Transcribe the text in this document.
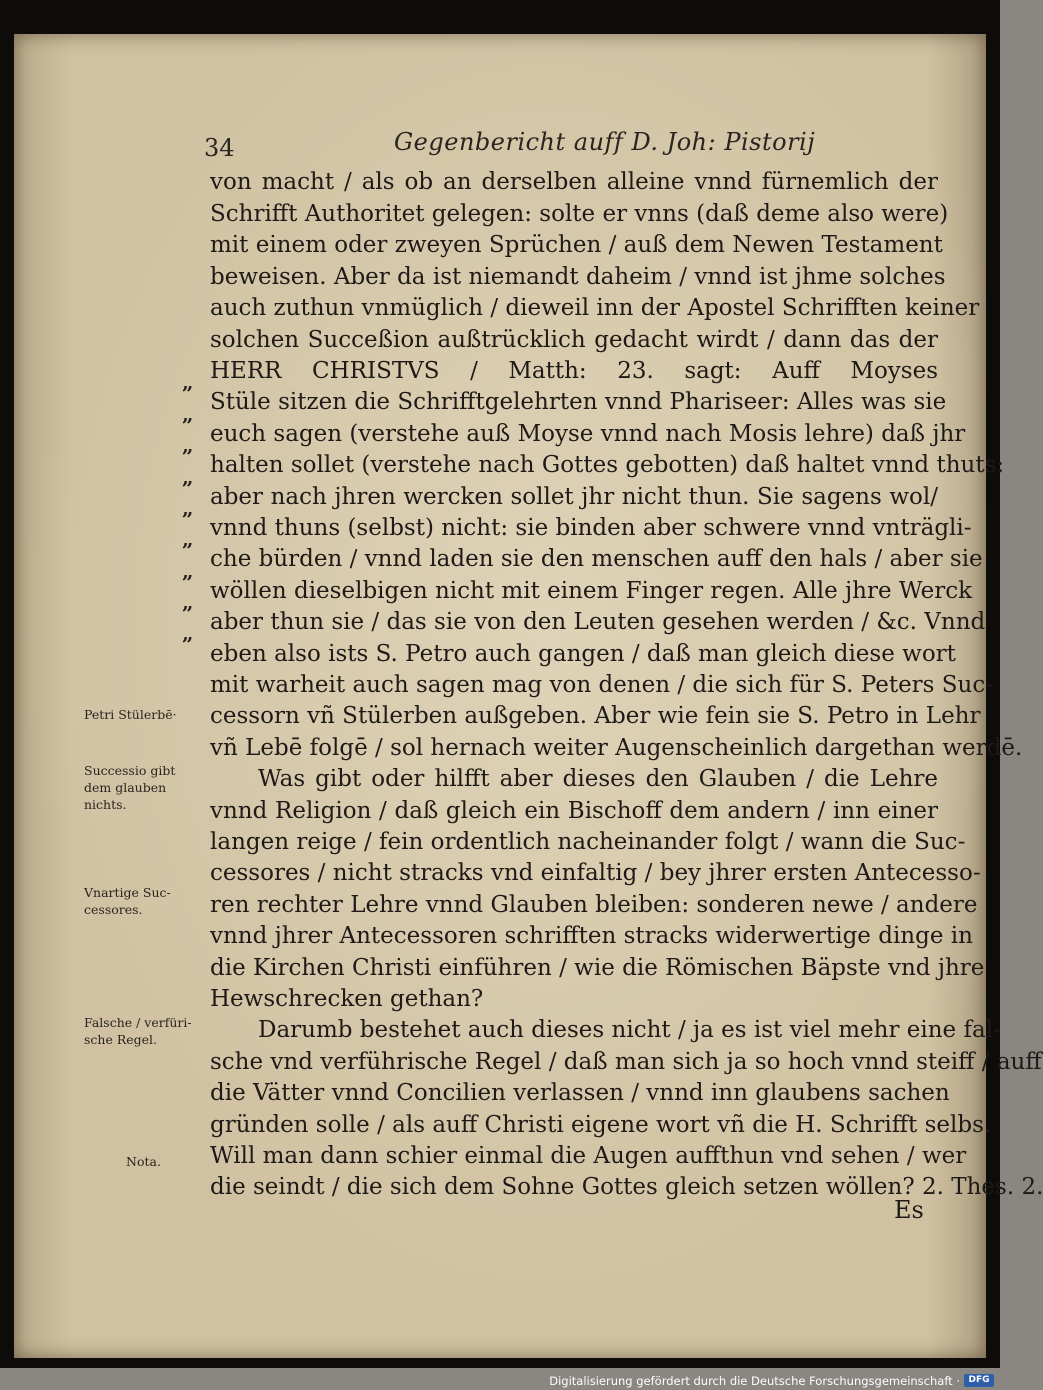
34	Gegenbericht auff D. Joh: Pistorij
von macht / als ob an derselben alleine vnnd fürnemlich der
Schrifft Authoritet gelegen: solte er vnns (daß deme also were)
mit einem oder zweyen Sprüchen / auß dem Newen Testament
beweisen. Aber da ist niemandt daheim / vnnd ist jhme solches
auch zuthun vnmüglich / dieweil inn der Apostel Schrifften keiner
solchen Succeßion außtrücklich gedacht wirdt / dann das der
HERR CHRISTVS / Matth: 23. sagt: Auff Moyses
Stüle sitzen die Schrifftgelehrten vnnd Phariseer: Alles was sie
euch sagen (verstehe auß Moyse vnnd nach Mosis lehre) daß jhr
halten sollet (verstehe nach Gottes gebotten) daß haltet vnnd thuts:
aber nach jhren wercken sollet jhr nicht thun. Sie sagens wol/
vnnd thuns (selbst) nicht: sie binden aber schwere vnnd vnträgli-
che bürden / vnnd laden sie den menschen auff den hals / aber sie
wöllen dieselbigen nicht mit einem Finger regen. Alle jhre Werck
aber thun sie / das sie von den Leuten gesehen werden / &c. Vnnd
eben also ists S. Petro auch gangen / daß man gleich diese wort
mit warheit auch sagen mag von denen / die sich für S. Peters Suc-
cessorn vñ Stülerben außgeben. Aber wie fein sie S. Petro in Lehr
vñ Lebē folgē / sol hernach weiter Augenscheinlich dargethan werdē.
Was gibt oder hilfft aber dieses den Glauben / die Lehre
vnnd Religion / daß gleich ein Bischoff dem andern / inn einer
langen reige / fein ordentlich nacheinander folgt / wann die Suc-
cessores / nicht stracks vnd einfaltig / bey jhrer ersten Antecesso-
ren rechter Lehre vnnd Glauben bleiben: sonderen newe / andere
vnnd jhrer Antecessoren schrifften stracks widerwertige dinge in
die Kirchen Christi einführen / wie die Römischen Bäpste vnd jhre
Hewschrecken gethan?
Darumb bestehet auch dieses nicht / ja es ist viel mehr eine fal-
sche vnd verführische Regel / daß man sich ja so hoch vnnd steiff / auff
die Vätter vnnd Concilien verlassen / vnnd inn glaubens sachen
gründen solle / als auff Christi eigene wort vñ die H. Schrifft selbs.
Will man dann schier einmal die Augen auffthun vnd sehen / wer
die seindt / die sich dem Sohne Gottes gleich setzen wöllen? 2. Thes. 2.
„
„
„
„
„
„
„
„
„
Petri Stülerbē·
Successio gibt
dem glauben
nichts.
Vnartige Suc-
cessores.
Falsche / verfüri-
sche Regel.
Nota.
Es
Digitalisierung gefördert durch die Deutsche Forschungsgemeinschaft · DFG
